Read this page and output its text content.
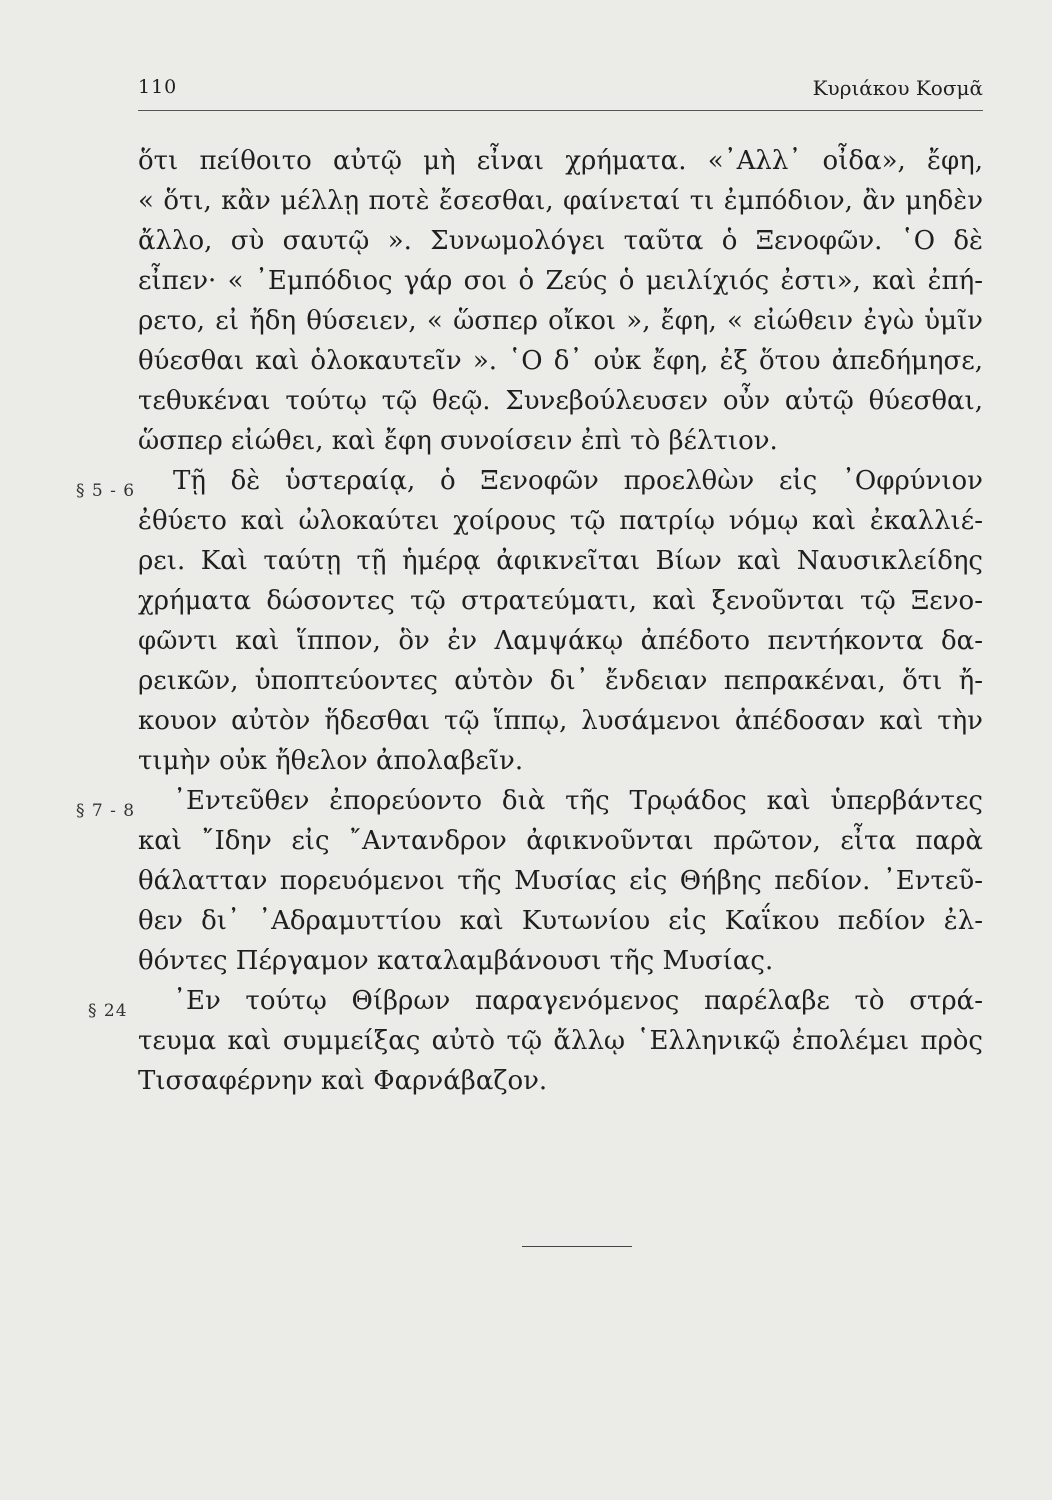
110	Κυριάκου Κοσμᾶ
ὅτι πείθοιτο αὐτῷ μὴ εἶναι χρήματα. «᾿Αλλ᾿ οἶδα», ἔφη,
« ὅτι, κἂν μέλλῃ ποτὲ ἔσεσθαι, φαίνεταί τι ἐμπόδιον, ἂν μηδὲν
ἄλλο, σὺ σαυτῷ ». Συνωμολόγει ταῦτα ὁ Ξενοφῶν. ῾Ο δὲ
εἶπεν· « ᾿Εμπόδιος γάρ σοι ὁ Ζεύς ὁ μειλίχιός ἐστι», καὶ ἐπή-
ρετο, εἰ ἤδη θύσειεν, « ὥσπερ οἴκοι », ἔφη, « εἰώθειν ἐγὼ ὑμῖν
θύεσθαι καὶ ὁλοκαυτεῖν ». ῾Ο δ᾿ οὐκ ἔφη, ἐξ ὅτου ἀπεδήμησε,
τεθυκέναι τούτῳ τῷ θεῷ. Συνεβούλευσεν οὖν αὐτῷ θύεσθαι,
ὥσπερ εἰώθει, καὶ ἔφη συνοίσειν ἐπὶ τὸ βέλτιον.
Τῇ δὲ ὑστεραίᾳ, ὁ Ξενοφῶν προελθὼν εἰς ᾿Οφρύνιον
ἐθύετο καὶ ὠλοκαύτει χοίρους τῷ πατρίῳ νόμῳ καὶ ἐκαλλιέ-
ρει. Καὶ ταύτῃ τῇ ἡμέρᾳ ἀφικνεῖται Βίων καὶ Ναυσικλείδης
χρήματα δώσοντες τῷ στρατεύματι, καὶ ξενοῦνται τῷ Ξενο-
φῶντι καὶ ἵππον, ὃν ἐν Λαμψάκῳ ἀπέδοτο πεντήκοντα δα-
ρεικῶν, ὑποπτεύοντες αὐτὸν δι᾿ ἔνδειαν πεπρακέναι, ὅτι ἤ-
κουον αὐτὸν ἥδεσθαι τῷ ἵππῳ, λυσάμενοι ἀπέδοσαν καὶ τὴν
τιμὴν οὐκ ἤθελον ἀπολαβεῖν.
᾿Εντεῦθεν ἐπορεύοντο διὰ τῆς Τρῳάδος καὶ ὑπερβάντες
καὶ ῎Ιδην εἰς ῎Αντανδρον ἀφικνοῦνται πρῶτον, εἶτα παρὰ
θάλατταν πορευόμενοι τῆς Μυσίας εἰς Θήβης πεδίον. ᾿Εντεῦ-
θεν δι᾿ ᾿Αδραμυττίου καὶ Κυτωνίου εἰς Καΐκου πεδίον ἐλ-
θόντες Πέργαμον καταλαμβάνουσι τῆς Μυσίας.
᾿Εν τούτῳ Θίβρων παραγενόμενος παρέλαβε τὸ στρά-
τευμα καὶ συμμείξας αὐτὸ τῷ ἄλλῳ ῾Ελληνικῷ ἐπολέμει πρὸς
Τισσαφέρνην καὶ Φαρνάβαζον.
§ 5 - 6
§ 7 - 8
§ 24
